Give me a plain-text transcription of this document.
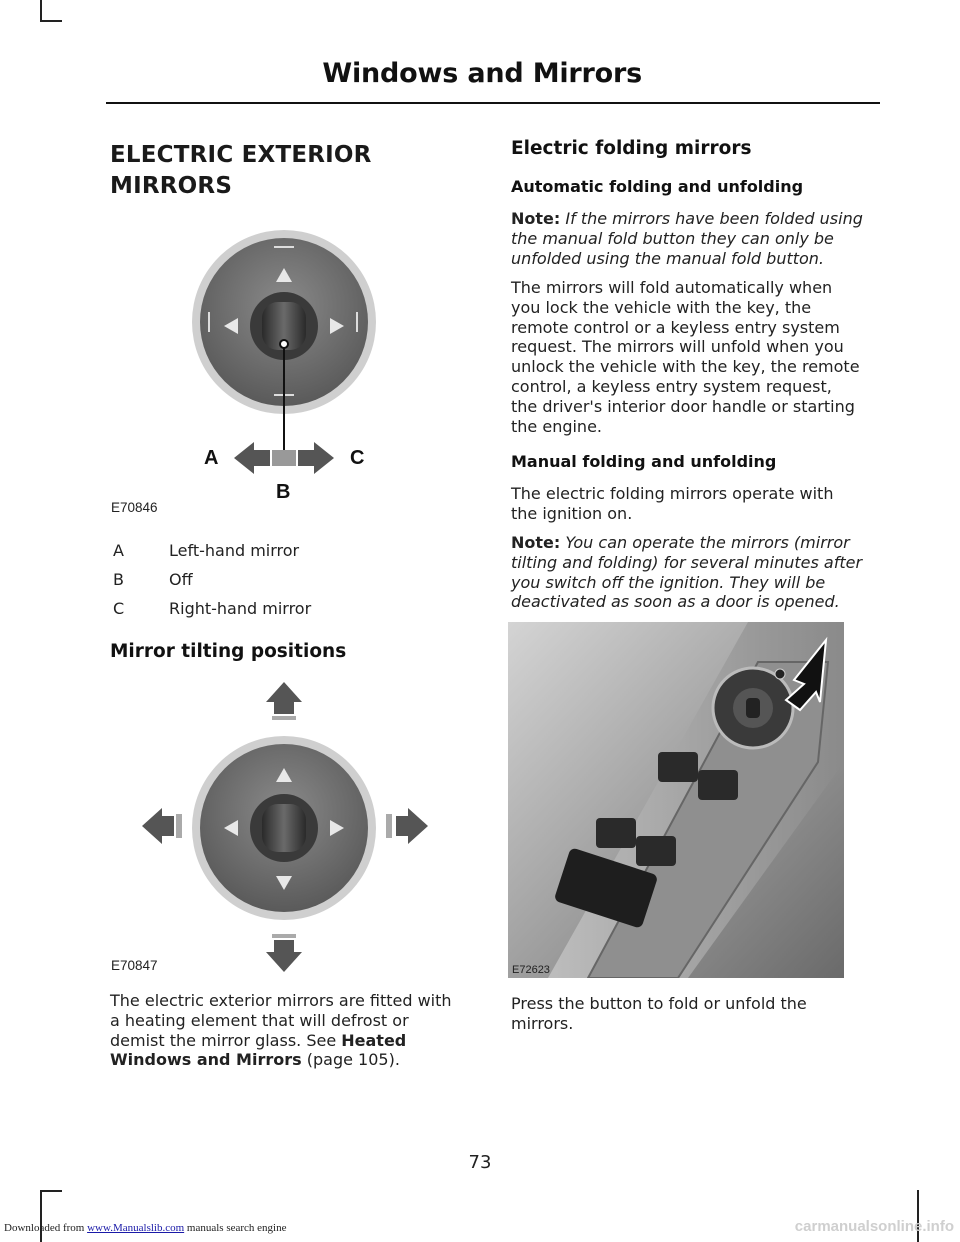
Windows and Mirrors
ELECTRIC EXTERIOR
MIRRORS
A	C
B
E70846
A	Left-hand mirror
B	Off
C	Right-hand mirror
Mirror tilting positions
E70847
The electric exterior mirrors are fitted with
a heating element that will defrost or
demist the mirror glass. See Heated
Windows and Mirrors (page 105).
Electric folding mirrors
Automatic folding and unfolding
Note: If the mirrors have been folded using
the manual fold button they can only be
unfolded using the manual fold button.
The mirrors will fold automatically when
you lock the vehicle with the key, the
remote control or a keyless entry system
request. The mirrors will unfold when you
unlock the vehicle with the key, the remote
control, a keyless entry system request,
the driver's interior door handle or starting
the engine.
Manual folding and unfolding
The electric folding mirrors operate with
the ignition on.
Note: You can operate the mirrors (mirror
tilting and folding) for several minutes after
you switch off the ignition. They will be
deactivated as soon as a door is opened.
E72623
Press the button to fold or unfold the
mirrors.
73
Downloaded from www.Manualslib.com manuals search engine	carmanualsonline.info
